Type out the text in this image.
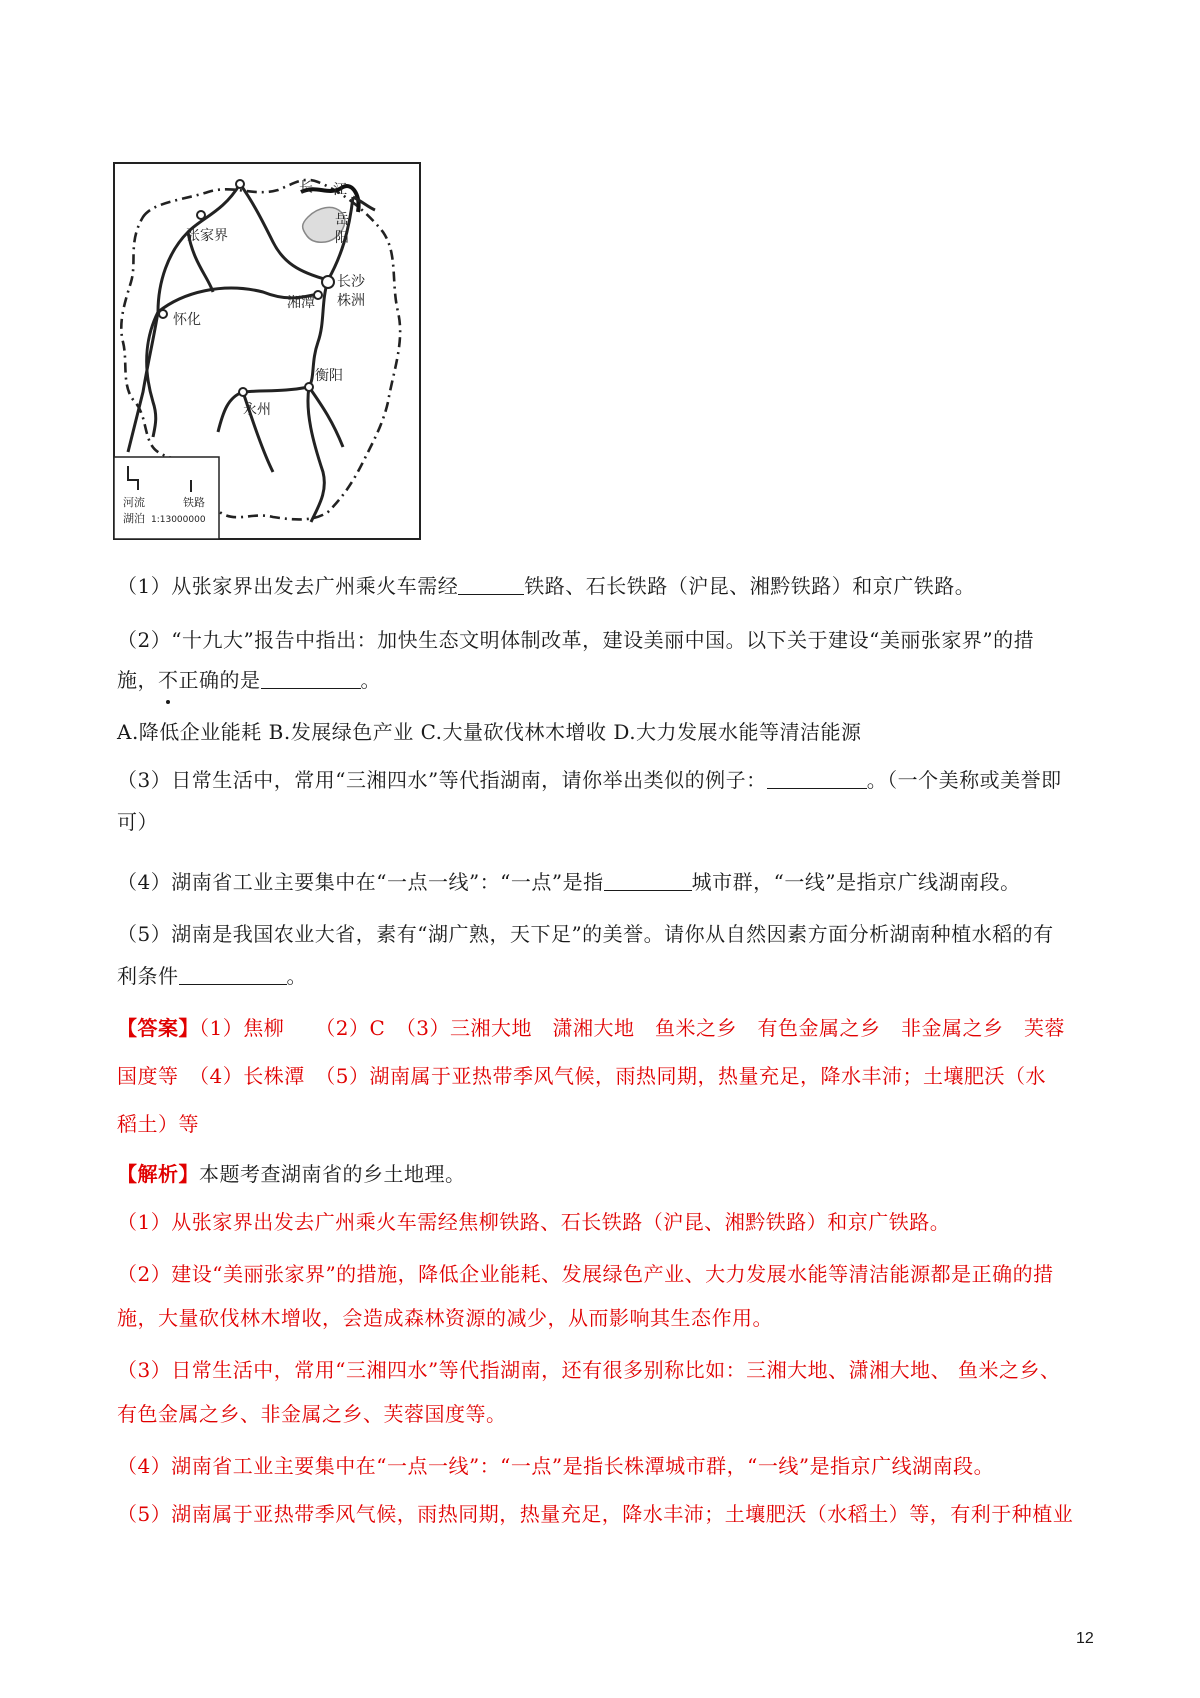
长 江
岳
阳
张家界
长沙
株洲
湘潭
怀化
衡阳
永州
河流	铁路
湖泊 1:13000000
（1）从张家界出发去广州乘火车需经	铁路、石长铁路（沪昆、湘黔铁路）和京广铁路。
（2）“十九大”报告中指出：加快生态文明体制改革，建设美丽中国。以下关于建设“美丽张家界”的措
施，不正确的是	。
A.降低企业能耗 B.发展绿色产业 C.大量砍伐林木增收 D.大力发展水能等清洁能源
（3）日常生活中，常用“三湘四水”等代指湖南，请你举出类似的例子：	。（一个美称或美誉即
可）
（4）湖南省工业主要集中在“一点一线”：“一点”是指	城市群，“一线”是指京广线湖南段。
（5）湖南是我国农业大省，素有“湖广熟，天下足”的美誉。请你从自然因素方面分析湖南种植水稻的有
利条件	。
【答案】（1）焦柳　　（2）C　（3）三湘大地　潇湘大地　鱼米之乡　有色金属之乡　非金属之乡　芙蓉
国度等　（4）长株潭　（5）湖南属于亚热带季风气候，雨热同期，热量充足，降水丰沛；土壤肥沃（水
稻土）等
【解析】本题考查湖南省的乡土地理。
（1）从张家界出发去广州乘火车需经焦柳铁路、石长铁路（沪昆、湘黔铁路）和京广铁路。
（2）建设“美丽张家界”的措施，降低企业能耗、发展绿色产业、大力发展水能等清洁能源都是正确的措
施，大量砍伐林木增收，会造成森林资源的减少，从而影响其生态作用。
（3）日常生活中，常用“三湘四水”等代指湖南，还有很多别称比如：三湘大地、潇湘大地、 鱼米之乡、
有色金属之乡、非金属之乡、芙蓉国度等。
（4）湖南省工业主要集中在“一点一线”：“一点”是指长株潭城市群，“一线”是指京广线湖南段。
（5）湖南属于亚热带季风气候，雨热同期，热量充足，降水丰沛；土壤肥沃（水稻土）等，有利于种植业
12
